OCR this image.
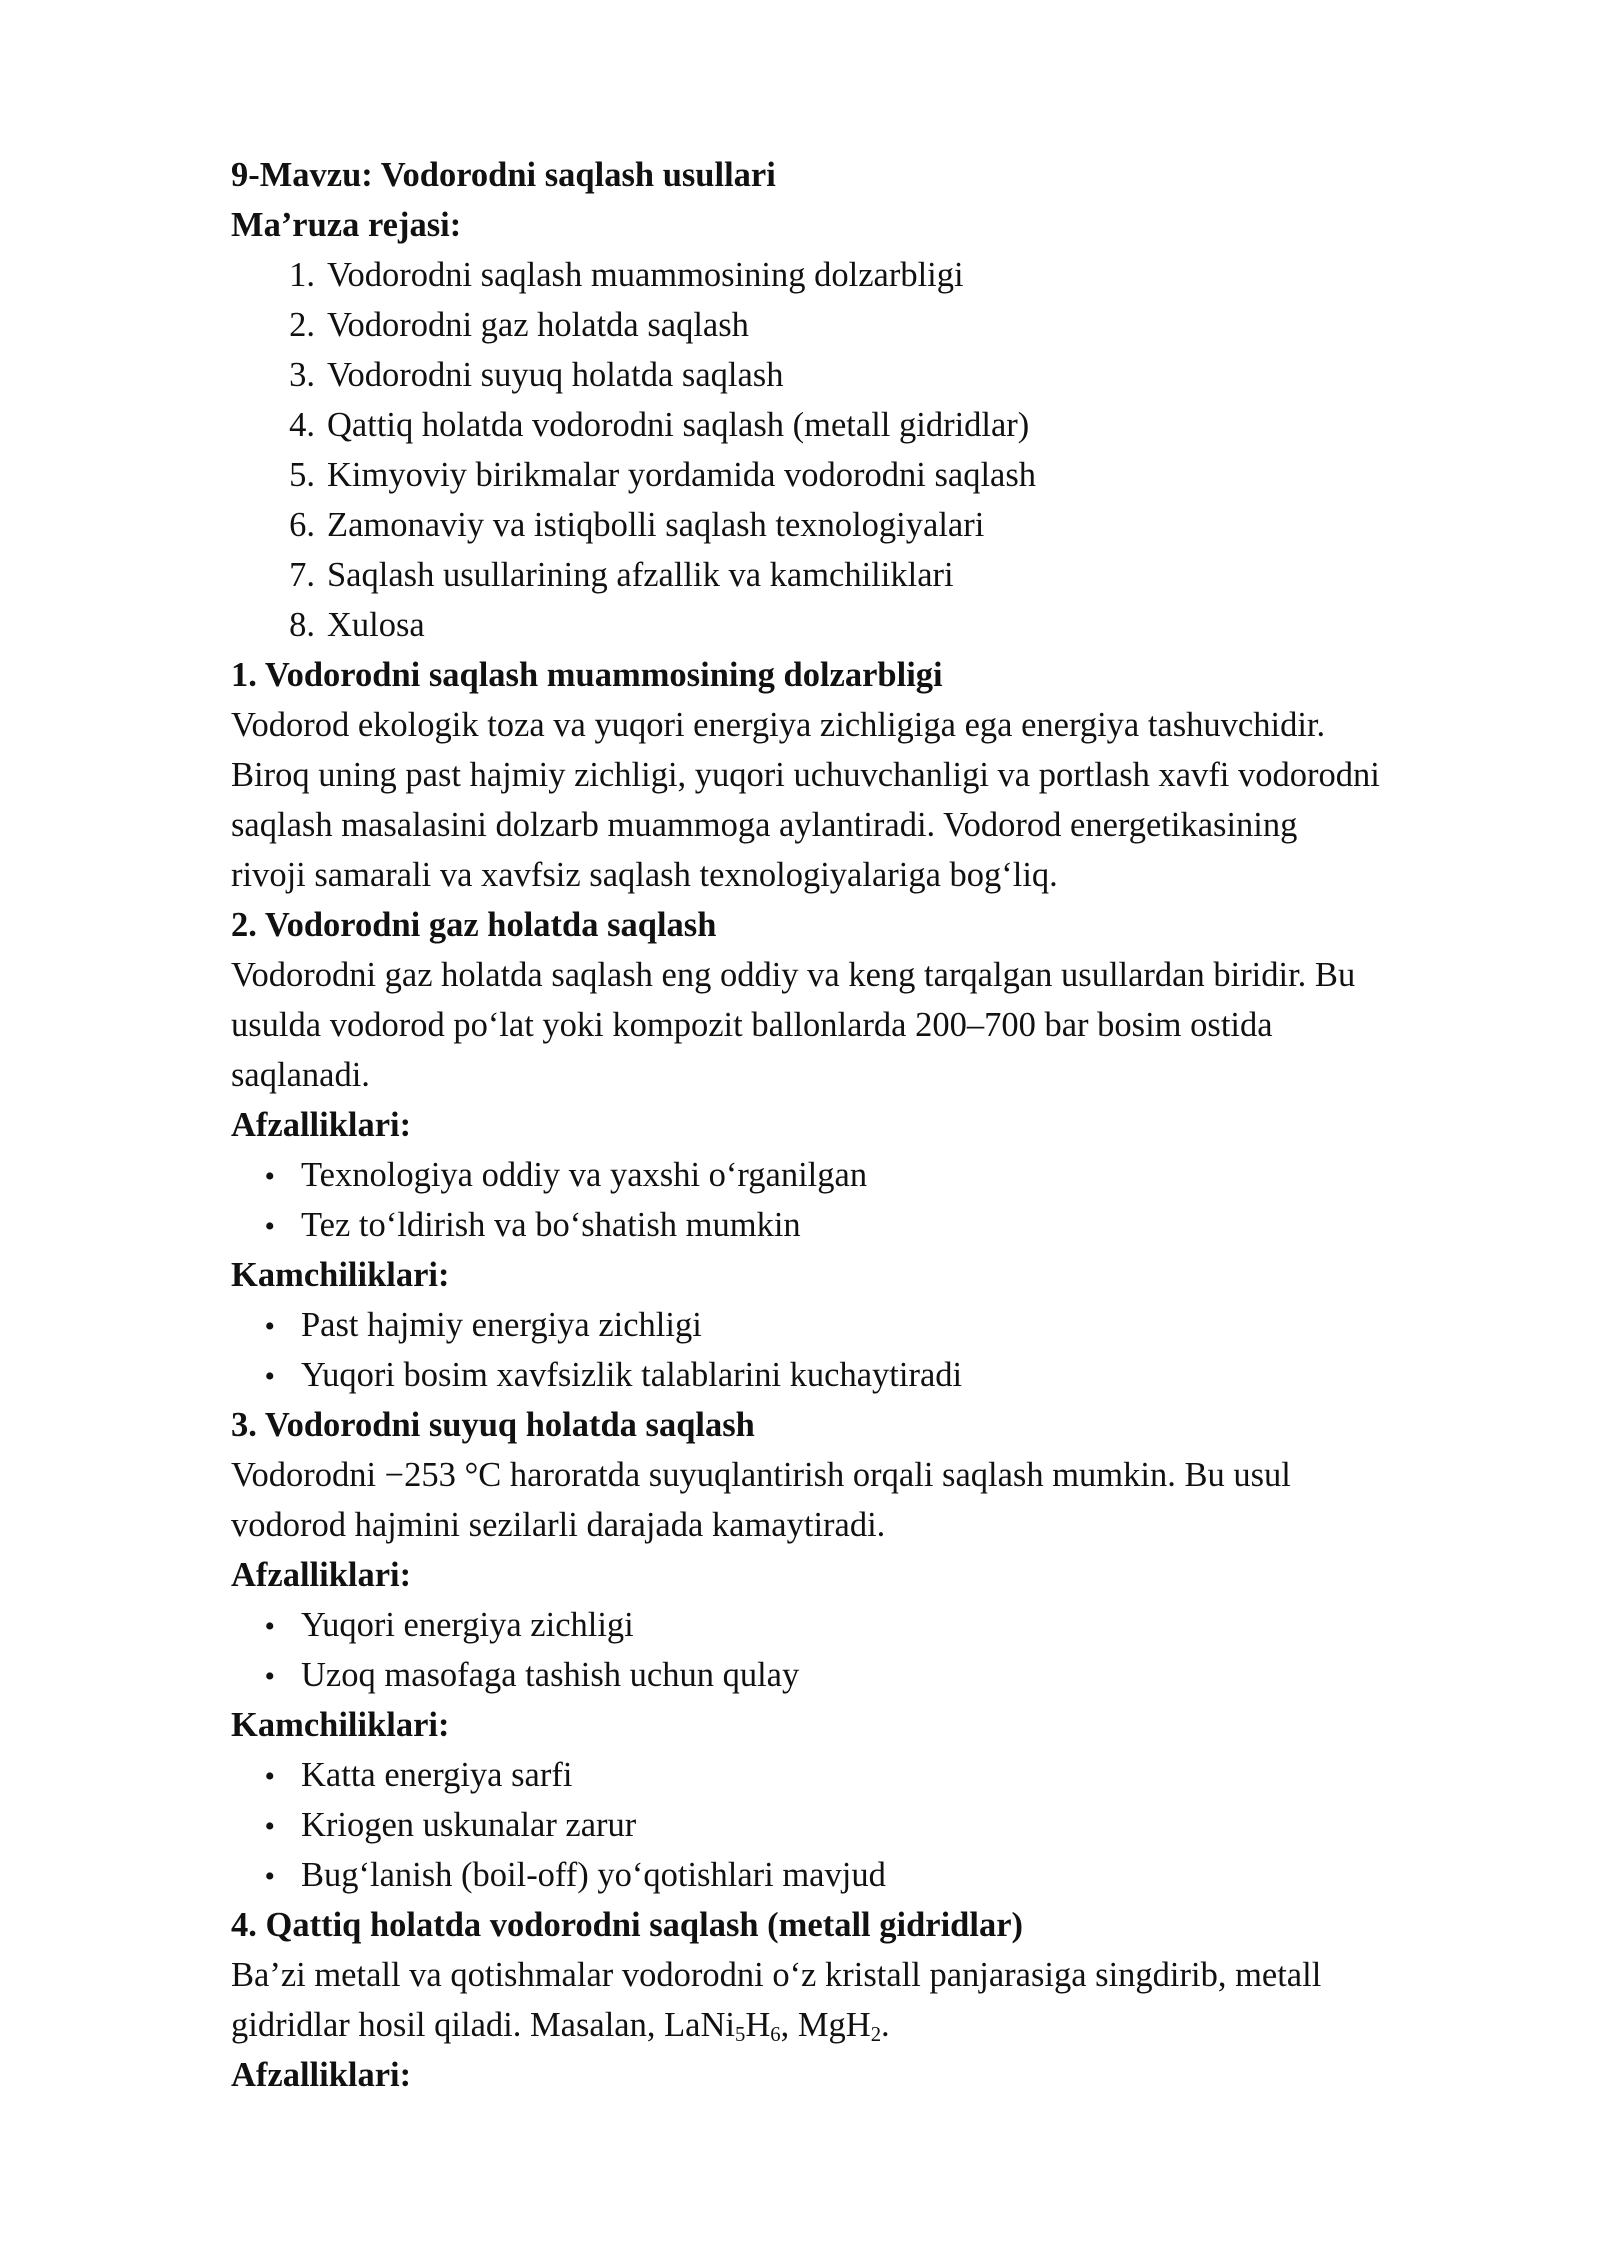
9-Mavzu: Vodorodni saqlash usullari
Ma’ruza rejasi:
1. Vodorodni saqlash muammosining dolzarbligi
2. Vodorodni gaz holatda saqlash
3. Vodorodni suyuq holatda saqlash
4. Qattiq holatda vodorodni saqlash (metall gidridlar)
5. Kimyoviy birikmalar yordamida vodorodni saqlash
6. Zamonaviy va istiqbolli saqlash texnologiyalari
7. Saqlash usullarining afzallik va kamchiliklari
8. Xulosa
1. Vodorodni saqlash muammosining dolzarbligi
Vodorod ekologik toza va yuqori energiya zichligiga ega energiya tashuvchidir.
Biroq uning past hajmiy zichligi, yuqori uchuvchanligi va portlash xavfi vodorodni
saqlash masalasini dolzarb muammoga aylantiradi. Vodorod energetikasining
rivoji samarali va xavfsiz saqlash texnologiyalariga bog‘liq.
2. Vodorodni gaz holatda saqlash
Vodorodni gaz holatda saqlash eng oddiy va keng tarqalgan usullardan biridir. Bu
usulda vodorod po‘lat yoki kompozit ballonlarda 200–700 bar bosim ostida
saqlanadi.
Afzalliklari:
• Texnologiya oddiy va yaxshi o‘rganilgan
• Tez to‘ldirish va bo‘shatish mumkin
Kamchiliklari:
• Past hajmiy energiya zichligi
• Yuqori bosim xavfsizlik talablarini kuchaytiradi
3. Vodorodni suyuq holatda saqlash
Vodorodni −253 °C haroratda suyuqlantirish orqali saqlash mumkin. Bu usul
vodorod hajmini sezilarli darajada kamaytiradi.
Afzalliklari:
• Yuqori energiya zichligi
• Uzoq masofaga tashish uchun qulay
Kamchiliklari:
• Katta energiya sarfi
• Kriogen uskunalar zarur
• Bug‘lanish (boil-off) yo‘qotishlari mavjud
4. Qattiq holatda vodorodni saqlash (metall gidridlar)
Ba’zi metall va qotishmalar vodorodni o‘z kristall panjarasiga singdirib, metall
gidridlar hosil qiladi. Masalan, $LaNi_5H_6$, MgH$_2$.
Afzalliklari:
